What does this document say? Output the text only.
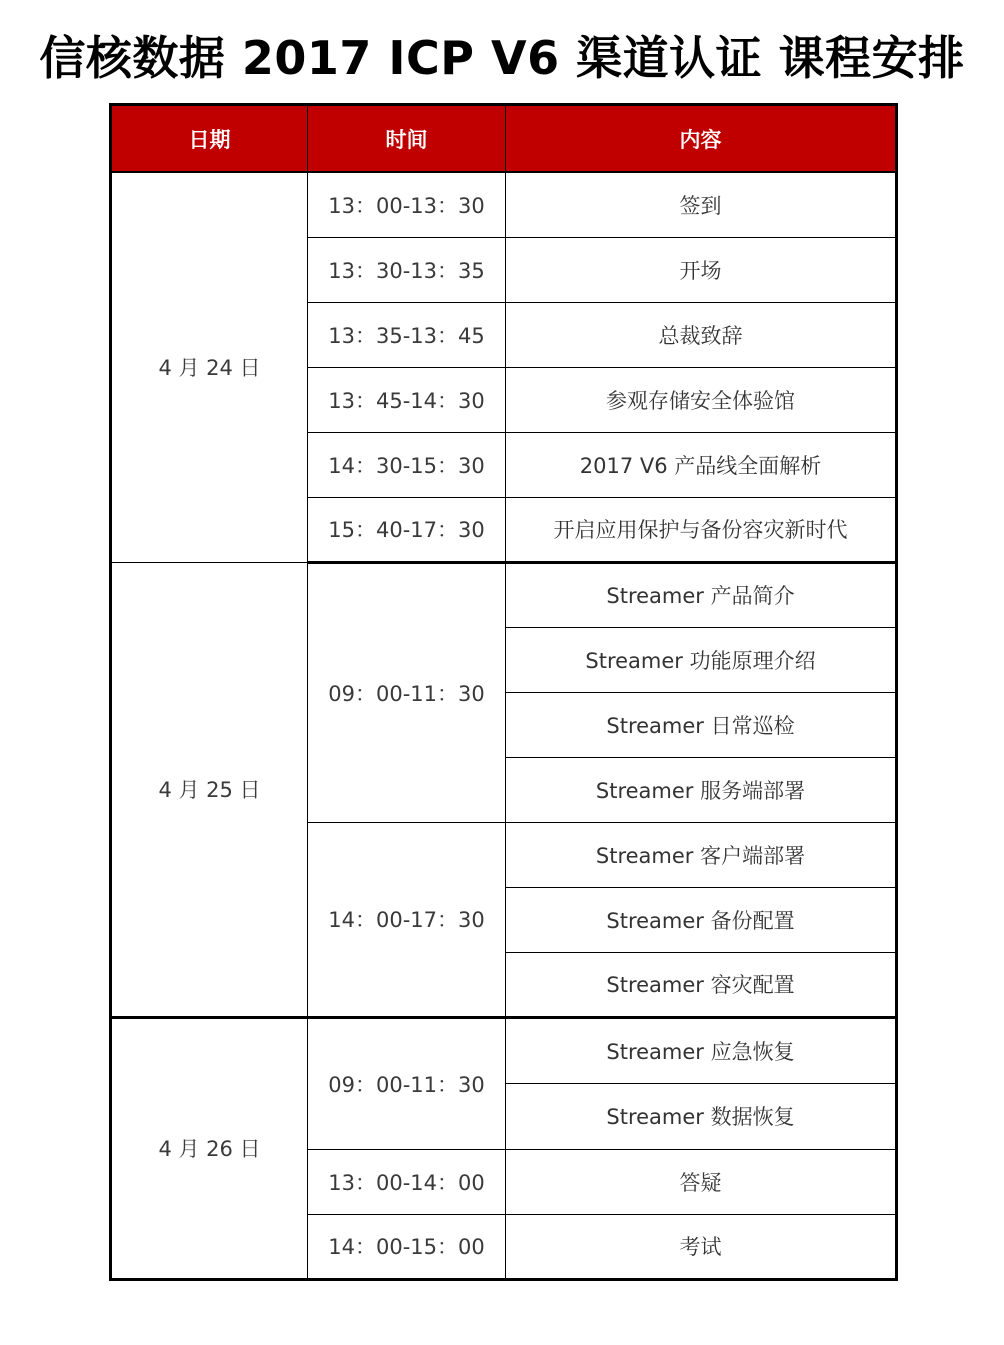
信核数据 2017 ICP V6 渠道认证 课程安排
日期	时间	内容
4 月 24 日	13：00-13：30	签到
	13：30-13：35	开场
	13：35-13：45	总裁致辞
	13：45-14：30	参观存储安全体验馆
	14：30-15：30	2017 V6 产品线全面解析
	15：40-17：30	开启应用保护与备份容灾新时代
4 月 25 日	09：00-11：30	Streamer 产品简介
		Streamer 功能原理介绍
		Streamer 日常巡检
		Streamer 服务端部署
	14：00-17：30	Streamer 客户端部署
		Streamer 备份配置
		Streamer 容灾配置
4 月 26 日	09：00-11：30	Streamer 应急恢复
		Streamer 数据恢复
	13：00-14：00	答疑
	14：00-15：00	考试
